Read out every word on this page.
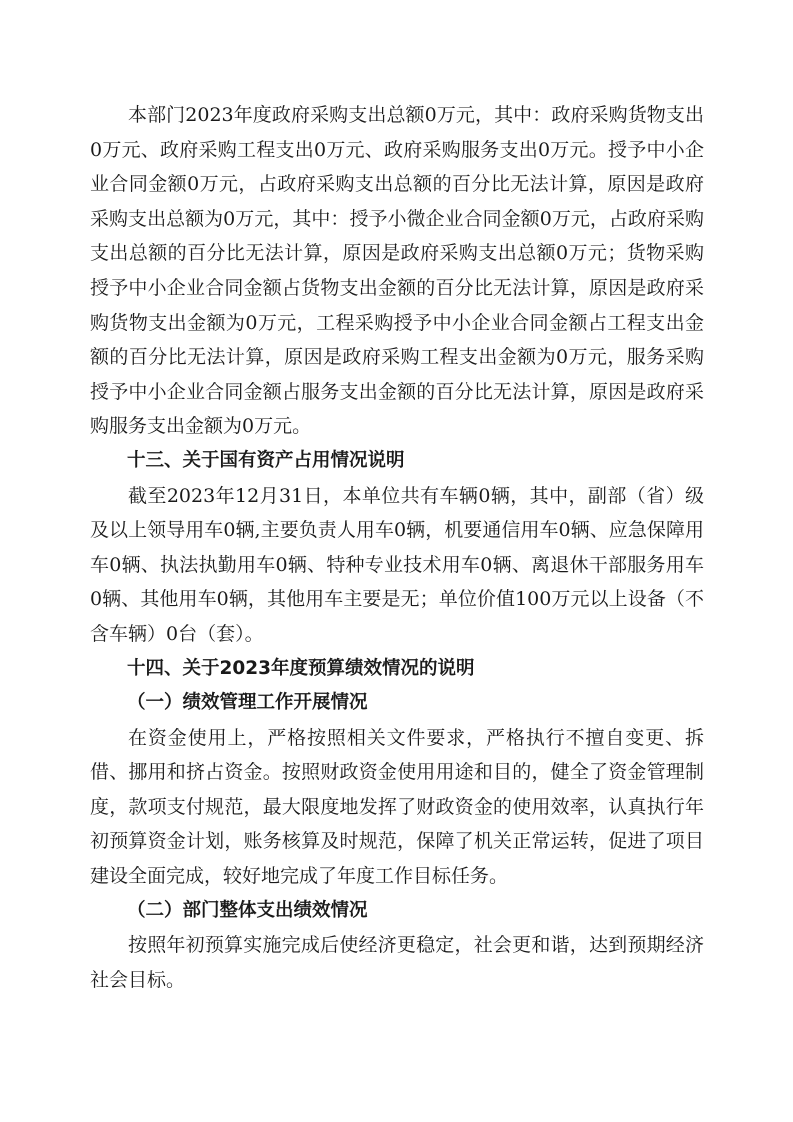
本部门2023年度政府采购支出总额0万元，其中：政府采购货物支出0万元、政府采购工程支出0万元、政府采购服务支出0万元。授予中小企业合同金额0万元，占政府采购支出总额的百分比无法计算，原因是政府采购支出总额为0万元，其中：授予小微企业合同金额0万元，占政府采购支出总额的百分比无法计算，原因是政府采购支出总额0万元；货物采购授予中小企业合同金额占货物支出金额的百分比无法计算，原因是政府采购货物支出金额为0万元，工程采购授予中小企业合同金额占工程支出金额的百分比无法计算，原因是政府采购工程支出金额为0万元，服务采购授予中小企业合同金额占服务支出金额的百分比无法计算，原因是政府采购服务支出金额为0万元。

十三、关于国有资产占用情况说明

截至2023年12月31日，本单位共有车辆0辆，其中，副部（省）级及以上领导用车0辆,主要负责人用车0辆，机要通信用车0辆、应急保障用车0辆、执法执勤用车0辆、特种专业技术用车0辆、离退休干部服务用车0辆、其他用车0辆，其他用车主要是无；单位价值100万元以上设备（不含车辆）0台（套）。

十四、关于2023年度预算绩效情况的说明

（一）绩效管理工作开展情况

在资金使用上，严格按照相关文件要求，严格执行不擅自变更、拆借、挪用和挤占资金。按照财政资金使用用途和目的，健全了资金管理制度，款项支付规范，最大限度地发挥了财政资金的使用效率，认真执行年初预算资金计划，账务核算及时规范，保障了机关正常运转，促进了项目建设全面完成，较好地完成了年度工作目标任务。

（二）部门整体支出绩效情况

按照年初预算实施完成后使经济更稳定，社会更和谐，达到预期经济社会目标。
